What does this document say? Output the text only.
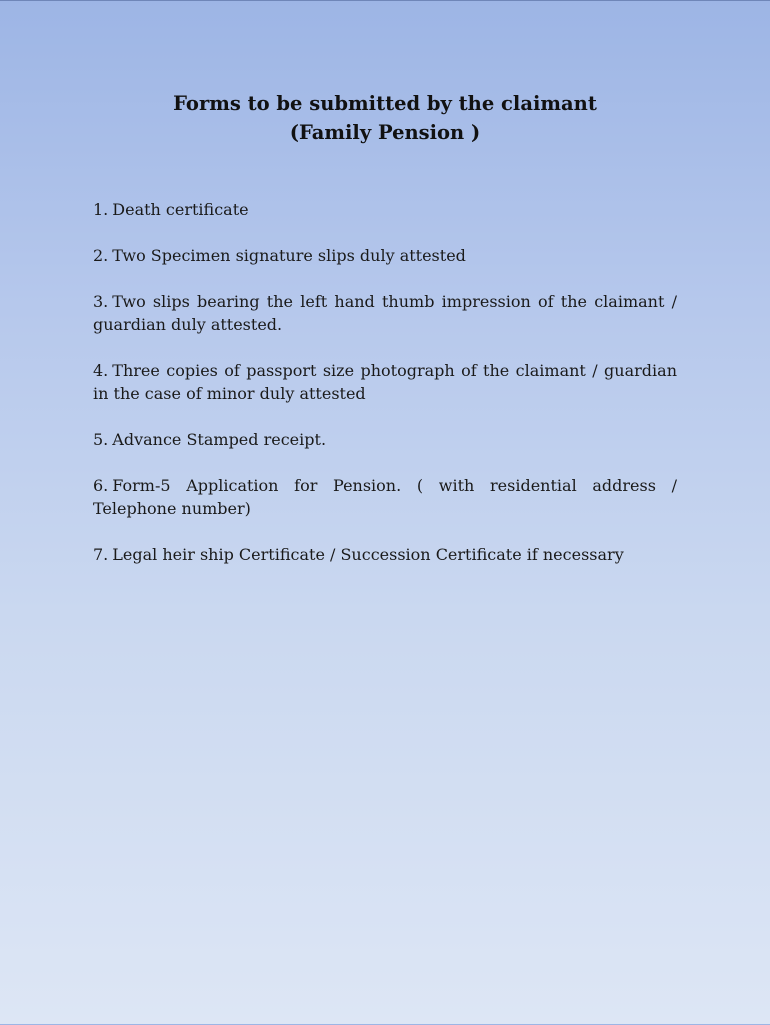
Forms to be submitted by the claimant
(Family Pension )
1. Death certificate
2. Two Specimen signature slips duly attested
3. Two slips bearing the left hand thumb impression of the claimant / guardian duly attested.
4. Three copies of passport size photograph of the claimant / guardian in the case of minor duly attested
5. Advance Stamped receipt.
6. Form-5 Application for Pension. ( with residential address / Telephone number)
7. Legal heir ship Certificate / Succession Certificate if necessary
